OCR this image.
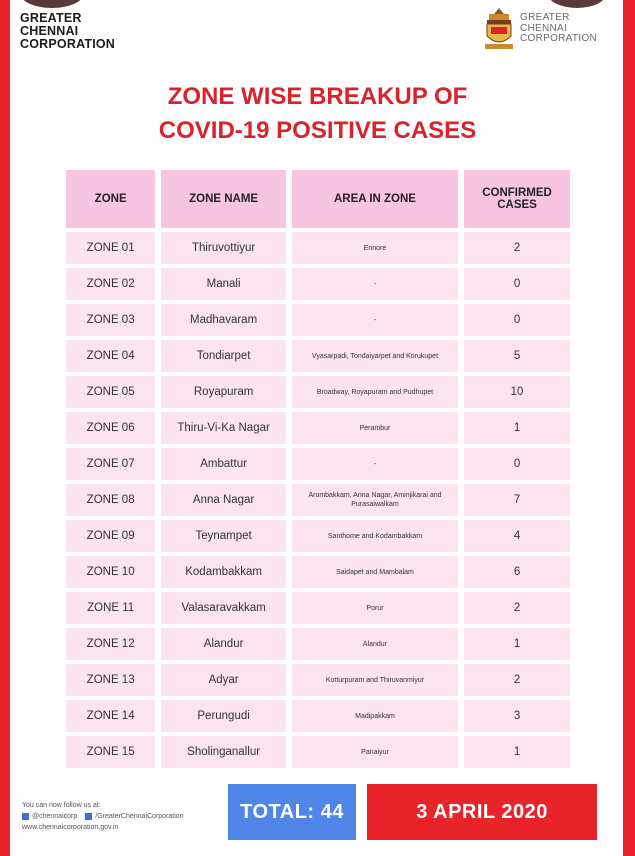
GREATER
CHENNAI
CORPORATION
GREATER
CHENNAI
CORPORATION
ZONE WISE BREAKUP OF
COVID-19 POSITIVE CASES
ZONE	ZONE NAME	AREA IN ZONE	CONFIRMED CASES
ZONE 01	Thiruvottiyur	Ennore	2
ZONE 02	Manali	-	0
ZONE 03	Madhavaram	-	0
ZONE 04	Tondiarpet	Vyasarpadi, Tondaiyarpet and Korukupet	5
ZONE 05	Royapuram	Broadway, Royapuram and Pudhupet	10
ZONE 06	Thiru-Vi-Ka Nagar	Perambur	1
ZONE 07	Ambattur	-	0
ZONE 08	Anna Nagar	Arumbakkam, Anna Nagar, Aminjikarai and Purasaiwalkam	7
ZONE 09	Teynampet	Santhome and Kodambakkam	4
ZONE 10	Kodambakkam	Saidapet and Mambalam	6
ZONE 11	Valasaravakkam	Porur	2
ZONE 12	Alandur	Alandur	1
ZONE 13	Adyar	Kotturpuram and Thiruvanmiyur	2
ZONE 14	Perungudi	Madipakkam	3
ZONE 15	Sholinganallur	Panaiyur	1
You can now follow us at:
@chennaicorp	/GreaterChennaiCorporation
www.chennaicorporation.gov.in
TOTAL: 44	3 APRIL 2020
